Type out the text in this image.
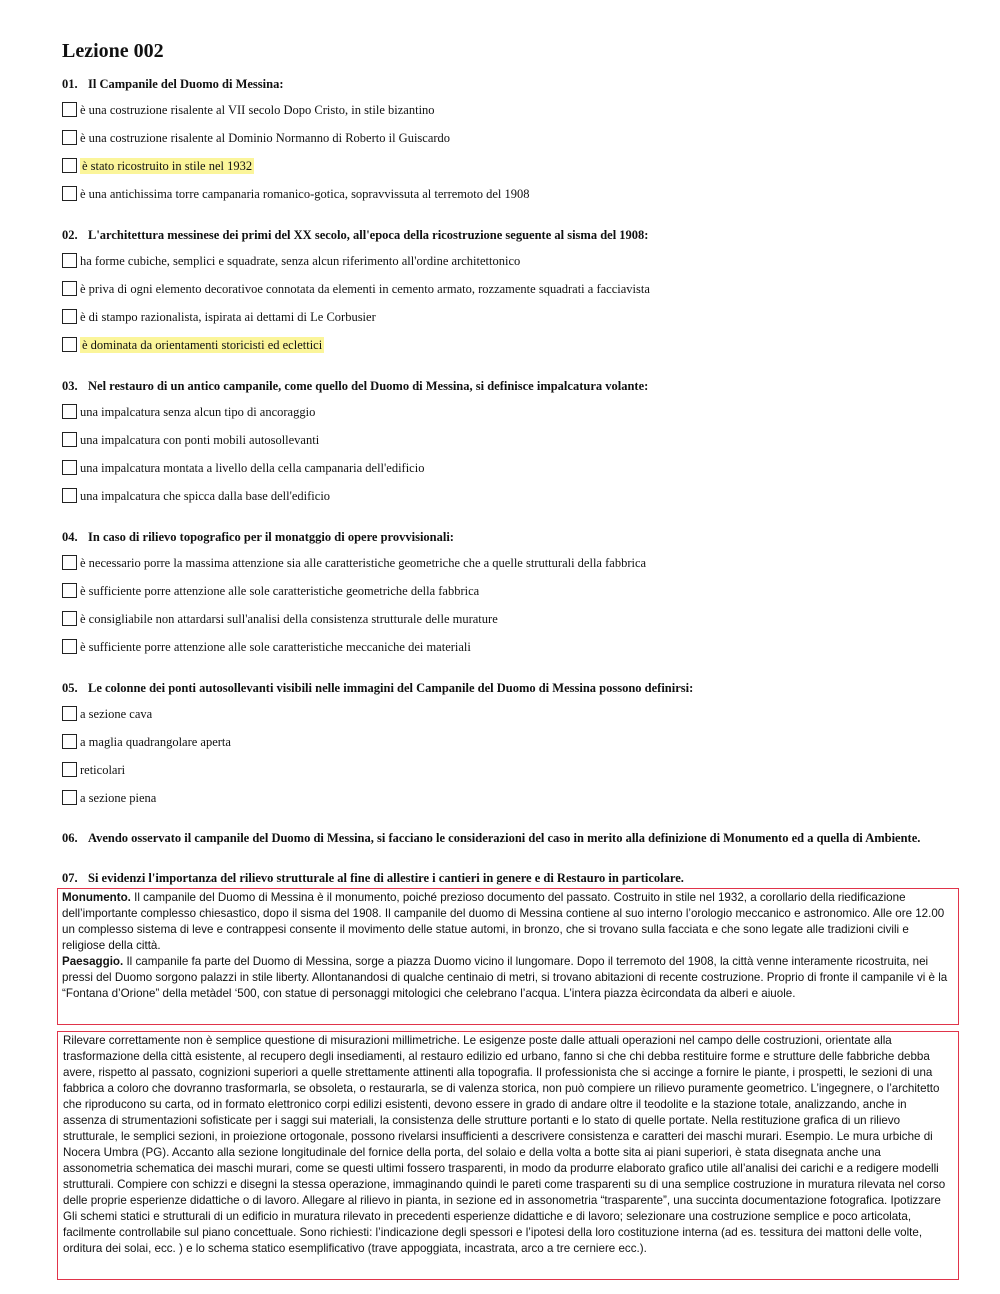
Lezione 002

01. Il Campanile del Duomo di Messina:

è una costruzione risalente al VII secolo Dopo Cristo, in stile bizantino
è una costruzione risalente al Dominio Normanno di Roberto il Guiscardo
è stato ricostruito in stile nel 1932
è una antichissima torre campanaria romanico-gotica, sopravvissuta al terremoto del 1908

02. L'architettura messinese dei primi del XX secolo, all'epoca della ricostruzione seguente al sisma del 1908:

ha forme cubiche, semplici e squadrate, senza alcun riferimento all'ordine architettonico
è priva di ogni elemento decorativoe connotata da elementi in cemento armato, rozzamente squadrati a facciavista
è di stampo razionalista, ispirata ai dettami di Le Corbusier
è dominata da orientamenti storicisti ed eclettici

03. Nel restauro di un antico campanile, come quello del Duomo di Messina, si definisce impalcatura volante:

una impalcatura senza alcun tipo di ancoraggio
una impalcatura con ponti mobili autosollevanti
una impalcatura montata a livello della cella campanaria dell'edificio
una impalcatura che spicca dalla base dell'edificio

04. In caso di rilievo topografico per il monatggio di opere provvisionali:

è necessario porre la massima attenzione sia alle caratteristiche geometriche che a quelle strutturali della fabbrica
è sufficiente porre attenzione alle sole caratteristiche geometriche della fabbrica
è consigliabile non attardarsi sull'analisi della consistenza strutturale delle murature
è sufficiente porre attenzione alle sole caratteristiche meccaniche dei materiali

05. Le colonne dei ponti autosollevanti visibili nelle immagini del Campanile del Duomo di Messina possono definirsi:

a sezione cava
a maglia quadrangolare aperta
reticolari
a sezione piena
06. Avendo osservato il campanile del Duomo di Messina, si facciano le considerazioni del caso in merito alla definizione di Monumento ed a quella di Ambiente.
07. Si evidenzi l'importanza del rilievo strutturale al fine di allestire i cantieri in genere e di Restauro in particolare.

Monumento. Il campanile del Duomo di Messina è il monumento, poiché prezioso documento del passato. Costruito in stile nel 1932, a corollario della riedificazione dell’importante complesso chiesastico, dopo il sisma del 1908. Il campanile del duomo di Messina contiene al suo interno l’orologio meccanico e astronomico. Alle ore 12.00 un complesso sistema di leve e contrappesi consente il movimento delle statue automi, in bronzo, che si trovano sulla facciata e che sono legate alle tradizioni civili e religiose della città.

Paesaggio. Il campanile fa parte del Duomo di Messina, sorge a piazza Duomo vicino il lungomare. Dopo il terremoto del 1908, la città venne interamente ricostruita, nei pressi del Duomo sorgono palazzi in stile liberty. Allontanandosi di qualche centinaio di metri, si trovano abitazioni di recente costruzione. Proprio di fronte il campanile vi è la “Fontana d’Orione” della metàdel ‘500, con statue di personaggi mitologici che celebrano l’acqua. L’intera piazza ècircondata da alberi e aiuole.

Rilevare correttamente non è semplice questione di misurazioni millimetriche. Le esigenze poste dalle attuali operazioni nel campo delle costruzioni, orientate alla trasformazione della città esistente, al recupero degli insediamenti, al restauro edilizio ed urbano, fanno si che chi debba restituire forme e strutture delle fabbriche debba avere, rispetto al passato, cognizioni superiori a quelle strettamente attinenti alla topografia. Il professionista che si accinge a fornire le piante, i prospetti, le sezioni di una fabbrica a coloro che dovranno trasformarla, se obsoleta, o restaurarla, se di valenza storica, non può compiere un rilievo puramente geometrico. L’ingegnere, o l’architetto che riproducono su carta, od in formato elettronico corpi edilizi esistenti, devono essere in grado di andare oltre il teodolite e la stazione totale, analizzando, anche in assenza di strumentazioni sofisticate per i saggi sui materiali, la consistenza delle strutture portanti e lo stato di quelle portate. Nella restituzione grafica di un rilievo strutturale, le semplici sezioni, in proiezione ortogonale, possono rivelarsi insufficienti a descrivere consistenza e caratteri dei maschi murari. Esempio. Le mura urbiche di Nocera Umbra (PG). Accanto alla sezione longitudinale del fornice della porta, del solaio e della volta a botte sita ai piani superiori, è stata disegnata anche una assonometria schematica dei maschi murari, come se questi ultimi fossero trasparenti, in modo da produrre elaborato grafico utile all’analisi dei carichi e a redigere modelli strutturali. Compiere con schizzi e disegni la stessa operazione, immaginando quindi le pareti come trasparenti su di una semplice costruzione in muratura rilevata nel corso delle proprie esperienze didattiche o di lavoro. Allegare al rilievo in pianta, in sezione ed in assonometria “trasparente”, una succinta documentazione fotografica. Ipotizzare Gli schemi statici e strutturali di un edificio in muratura rilevato in precedenti esperienze didattiche e di lavoro; selezionare una costruzione semplice e poco articolata, facilmente controllabile sul piano concettuale. Sono richiesti: l’indicazione degli spessori e l’ipotesi della loro costituzione interna (ad es. tessitura dei mattoni delle volte, orditura dei solai, ecc. ) e lo schema statico esemplificativo (trave appoggiata, incastrata, arco a tre cerniere ecc.).
